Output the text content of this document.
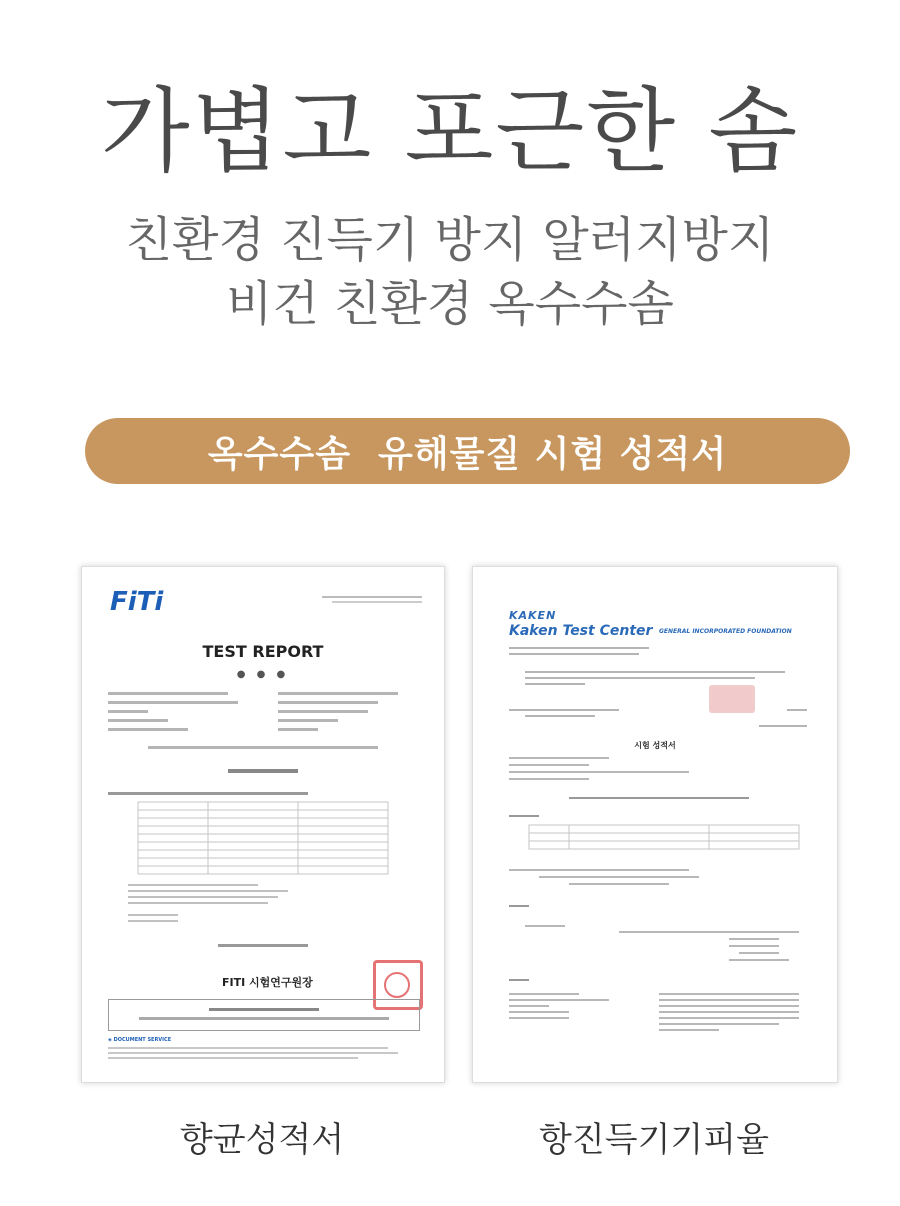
가볍고 포근한 솜
친환경 진득기 방지 알러지방지
비건 친환경 옥수수솜
옥수수솜  유해물질 시험 성적서
FiTi
TEST REPORT
● ● ●
FITI 시험연구원장
◈ DOCUMENT SERVICE
KAKEN
Kaken Test Center GENERAL INCORPORATED FOUNDATION
시험 성적서
향균성적서	항진득기기피율
